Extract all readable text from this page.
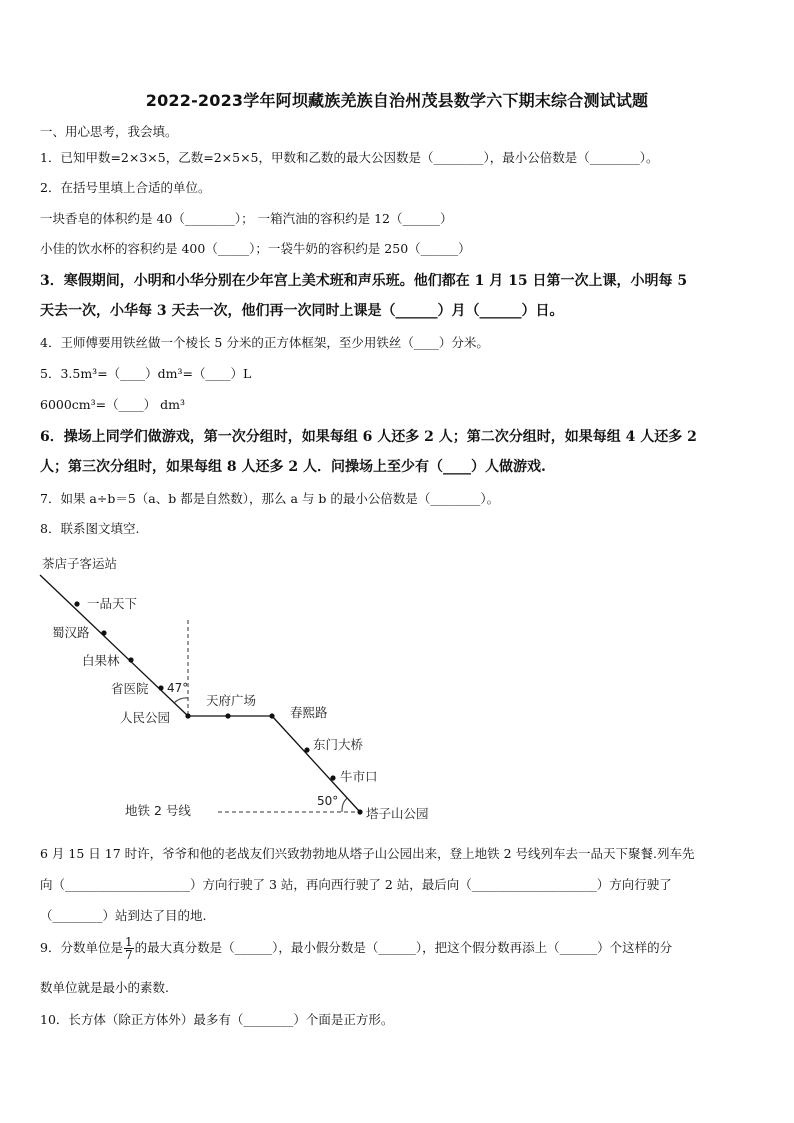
2022-2023学年阿坝藏族羌族自治州茂县数学六下期末综合测试试题
一、用心思考，我会填。
1．已知甲数=2×3×5，乙数=2×5×5，甲数和乙数的最大公因数是（________），最小公倍数是（________）。
2．在括号里填上合适的单位。
一块香皂的体积约是 40（________）； 一箱汽油的容积约是 12（______）
小佳的饮水杯的容积约是 400（_____）；一袋牛奶的容积约是 250（______）
3．寒假期间，小明和小华分别在少年宫上美术班和声乐班。他们都在 1 月 15 日第一次上课，小明每 5
天去一次，小华每 3 天去一次，他们再一次同时上课是（______）月（______）日。
4．王师傅要用铁丝做一个棱长 5 分米的正方体框架，至少用铁丝（____）分米。
5．3.5m³=（____）dm³=（____）L
6000cm³=（____） dm³
6．操场上同学们做游戏，第一次分组时，如果每组 6 人还多 2 人；第二次分组时，如果每组 4 人还多 2
人；第三次分组时，如果每组 8 人还多 2 人．问操场上至少有（____）人做游戏.
7．如果 a÷b＝5（a、b 都是自然数），那么 a 与 b 的最小公倍数是（________）。
8．联系图文填空.
茶店子客运站
一品天下
蜀汉路
白果林
省医院
人民公园
天府广场
春熙路
东门大桥
牛市口
塔子山公园
47°
50°
地铁 2 号线
6 月 15 日 17 时许，爷爷和他的老战友们兴致勃勃地从塔子山公园出来，登上地铁 2 号线列车去一品天下聚餐.列车先
向（____________________）方向行驶了 3 站，再向西行驶了 2 站，最后向（____________________）方向行驶了
（________）站到达了目的地.
9．分数单位是 $\frac{1}{7}$ 的最大真分数是（______），最小假分数是（______），把这个假分数再添上（______）个这样的分
数单位就是最小的素数.
10．长方体（除正方体外）最多有（________）个面是正方形。
